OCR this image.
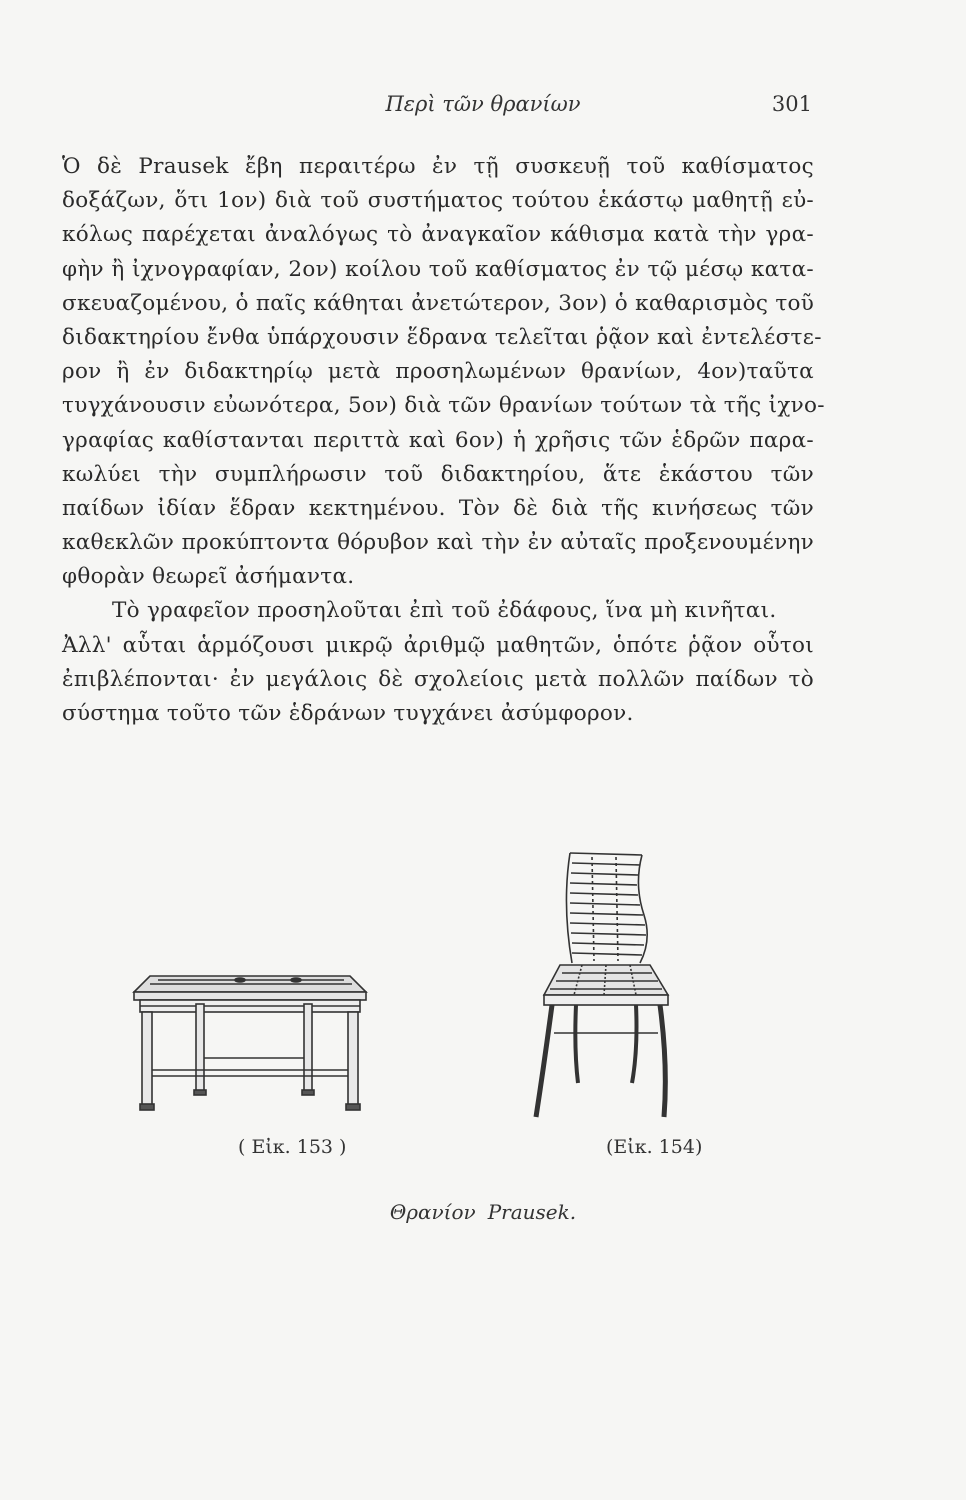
Περὶ τῶν θρανίων	301
Ὁ δὲ Prausek ἔβη περαιτέρω ἐν τῇ συσκευῇ τοῦ καθίσματος
δοξάζων, ὅτι 1ον) διὰ τοῦ συστήματος τούτου ἑκάστῳ μαθητῇ εὐ-
κόλως παρέχεται ἀναλόγως τὸ ἀναγκαῖον κάθισμα κατὰ τὴν γρα-
φὴν ἢ ἰχνογραφίαν, 2ον) κοίλου τοῦ καθίσματος ἐν τῷ μέσῳ κατα-
σκευαζομένου, ὁ παῖς κάθηται ἀνετώτερον, 3ον) ὁ καθαρισμὸς τοῦ
διδακτηρίου ἔνθα ὑπάρχουσιν ἕδρανα τελεῖται ῥᾷον καὶ ἐντελέστε-
ρον ἢ ἐν διδακτηρίῳ μετὰ προσηλωμένων θρανίων, 4ον)ταῦτα
τυγχάνουσιν εὐωνότερα, 5ον) διὰ τῶν θρανίων τούτων τὰ τῆς ἰχνο-
γραφίας καθίστανται περιττὰ καὶ 6ον) ἡ χρῆσις τῶν ἑδρῶν παρα-
κωλύει τὴν συμπλήρωσιν τοῦ διδακτηρίου, ἅτε ἑκάστου τῶν
παίδων ἰδίαν ἕδραν κεκτημένου. Τὸν δὲ διὰ τῆς κινήσεως τῶν
καθεκλῶν προκύπτοντα θόρυβον καὶ τὴν ἐν αὐταῖς προξενουμένην
φθορὰν θεωρεῖ ἀσήμαντα.
Τὸ γραφεῖον προσηλοῦται ἐπὶ τοῦ ἐδάφους, ἵνα μὴ κινῆται.
Ἀλλ' αὗται ἁρμόζουσι μικρῷ ἀριθμῷ μαθητῶν, ὁπότε ῥᾷον οὗτοι
ἐπιβλέπονται· ἐν μεγάλοις δὲ σχολείοις μετὰ πολλῶν παίδων τὸ
σύστημα τοῦτο τῶν ἑδράνων τυγχάνει ἀσύμφορον.
( Εἰκ. 153 )	(Εἰκ. 154)
Θρανίον Prausek.
